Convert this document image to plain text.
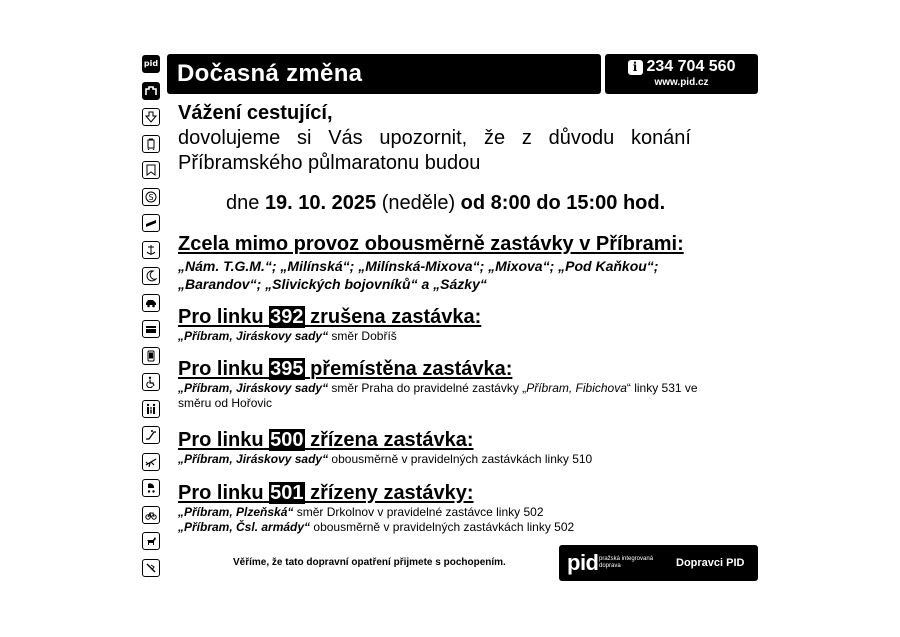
pid
S
Dočasná změna	i 234 704 560
www.pid.cz
Vážení cestující,
dovolujeme si Vás upozornit, že z důvodu konání
Příbramského půlmaratonu budou
dne 19. 10. 2025 (neděle) od 8:00 do 15:00 hod.
Zcela mimo provoz obousměrně zastávky v Příbrami:
„Nám. T.G.M.“; „Milínská“; „Milínská-Mixova“; „Mixova“; „Pod Kaňkou“;
„Barandov“; „Slivických bojovníků“ a „Sázky“
Pro linku 392 zrušena zastávka:
„Příbram, Jiráskovy sady“ směr Dobříš
Pro linku 395 přemístěna zastávka:
„Příbram, Jiráskovy sady“ směr Praha do pravidelné zastávky „Příbram, Fibichova“ linky 531 ve
směru od Hořovic
Pro linku 500 zřízena zastávka:
„Příbram, Jiráskovy sady“ obousměrně v pravidelných zastávkách linky 510
Pro linku 501 zřízeny zastávky:
„Příbram, Plzeňská“ směr Drkolnov v pravidelné zastávce linky 502
„Příbram, Čsl. armády“ obousměrně v pravidelných zastávkách linky 502
Věříme, že tato dopravní opatření přijmete s pochopením.	pid pražská integrovaná
doprava	Dopravci PID
